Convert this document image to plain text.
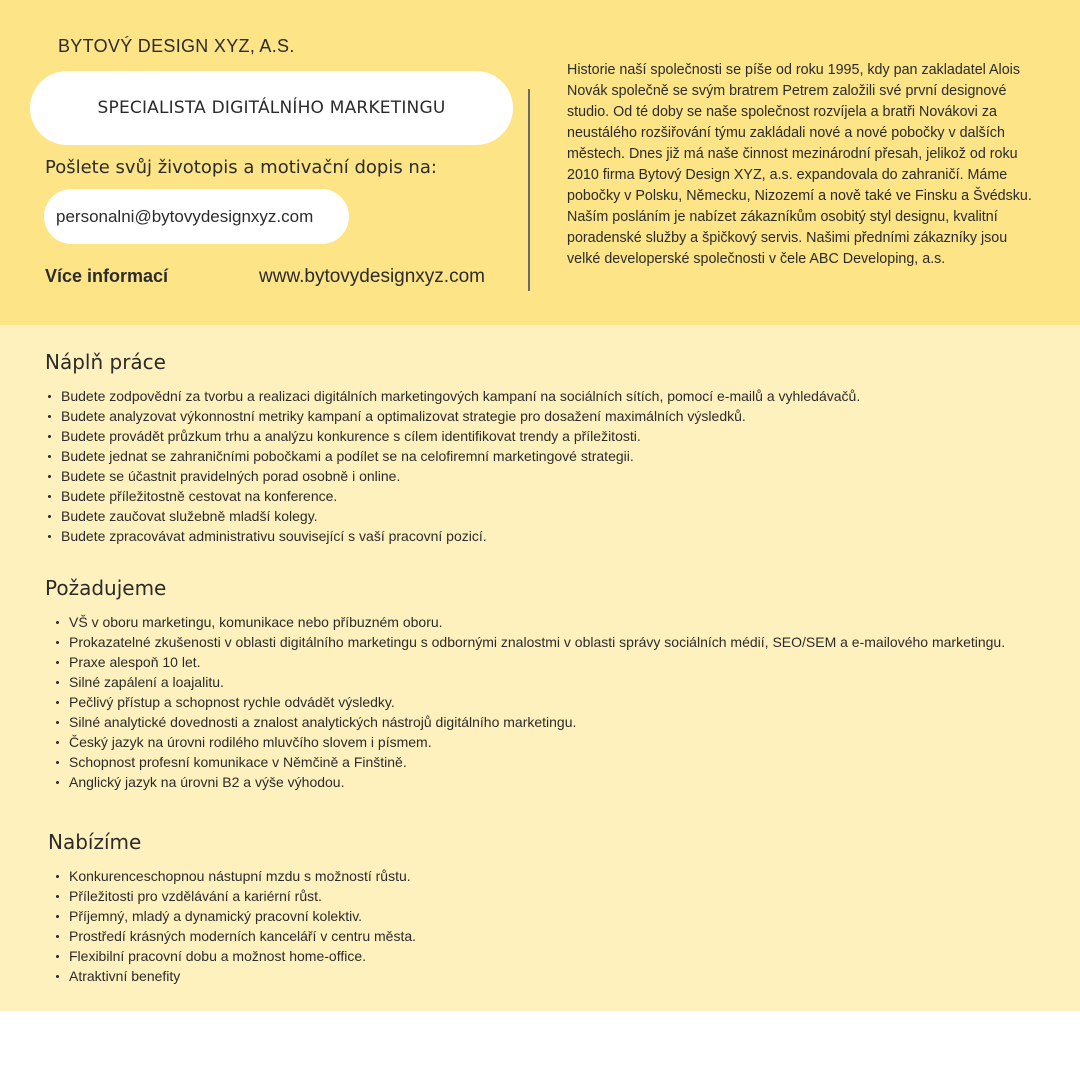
BYTOVÝ DESIGN XYZ, A.S.
SPECIALISTA DIGITÁLNÍHO MARKETINGU
Pošlete svůj životopis a motivační dopis na:
personalni@bytovydesignxyz.com
Více informací	www.bytovydesignxyz.com

Historie naší společnosti se píše od roku 1995, kdy pan zakladatel Alois Novák společně se svým bratrem Petrem založili své první designové studio. Od té doby se naše společnost rozvíjela a bratři Novákovi za neustálého rozšiřování týmu zakládali nové a nové pobočky v dalších městech. Dnes již má naše činnost mezinárodní přesah, jelikož od roku 2010 firma Bytový Design XYZ, a.s. expandovala do zahraničí. Máme pobočky v Polsku, Německu, Nizozemí a nově také ve Finsku a Švédsku.

Naším posláním je nabízet zákazníkům osobitý styl designu, kvalitní poradenské služby a špičkový servis. Našimi předními zákazníky jsou velké developerské společnosti v čele ABC Developing, a.s.

Náplň práce
Budete zodpovědní za tvorbu a realizaci digitálních marketingových kampaní na sociálních sítích, pomocí e-mailů a vyhledávačů.
Budete analyzovat výkonnostní metriky kampaní a optimalizovat strategie pro dosažení maximálních výsledků.
Budete provádět průzkum trhu a analýzu konkurence s cílem identifikovat trendy a příležitosti.
Budete jednat se zahraničními pobočkami a podílet se na celofiremní marketingové strategii.
Budete se účastnit pravidelných porad osobně i online.
Budete příležitostně cestovat na konference.
Budete zaučovat služebně mladší kolegy.
Budete zpracovávat administrativu související s vaší pracovní pozicí.
Požadujeme
VŠ v oboru marketingu, komunikace nebo příbuzném oboru.
Prokazatelné zkušenosti v oblasti digitálního marketingu s odbornými znalostmi v oblasti správy sociálních médií, SEO/SEM a e-mailového marketingu.
Praxe alespoň 10 let.
Silné zapálení a loajalitu.
Pečlivý přístup a schopnost rychle odvádět výsledky.
Silné analytické dovednosti a znalost analytických nástrojů digitálního marketingu.
Český jazyk na úrovni rodilého mluvčího slovem i písmem.
Schopnost profesní komunikace v Němčině a Finštině.
Anglický jazyk na úrovni B2 a výše výhodou.
Nabízíme
Konkurenceschopnou nástupní mzdu s možností růstu.
Příležitosti pro vzdělávání a kariérní růst.
Příjemný, mladý a dynamický pracovní kolektiv.
Prostředí krásných moderních kanceláří v centru města.
Flexibilní pracovní dobu a možnost home-office.
Atraktivní benefity
